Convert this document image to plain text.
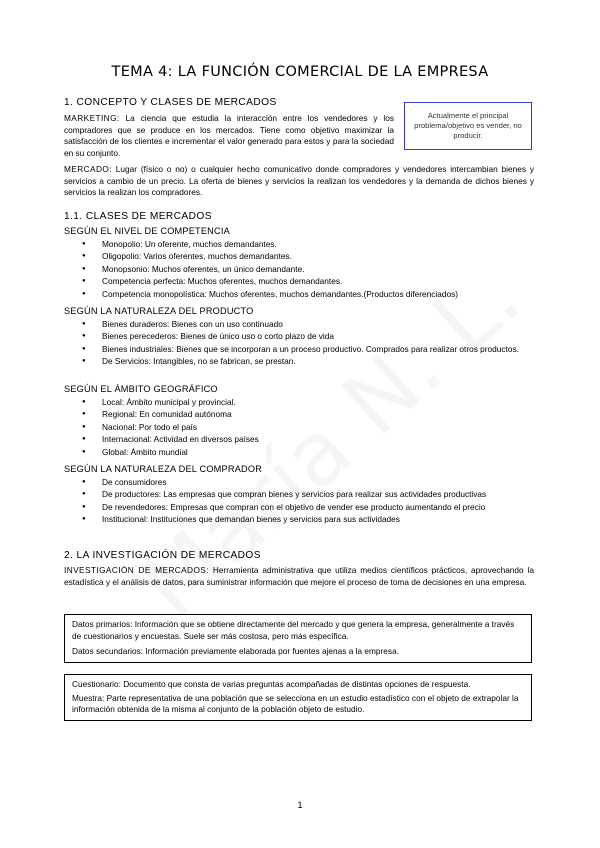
TEMA 4: LA FUNCIÓN COMERCIAL DE LA EMPRESA
1. CONCEPTO Y CLASES DE MERCADOS
MARKETING: La ciencia que estudia la interacción entre los vendedores y los compradores que se produce en los mercados. Tiene como objetivo maximizar la satisfacción de los clientes e incrementar el valor generado para estos y para la sociedad en su conjunto.
Actualmente el principal problema/objetivo es vender, no producir.
MERCADO: Lugar (físico o no) o cualquier hecho comunicativo donde compradores y vendedores intercambian bienes y servicios a cambio de un precio. La oferta de bienes y servicios la realizan los vendedores y la demanda de dichos bienes y servicios la realizan los compradores.
1.1. CLASES DE MERCADOS
SEGÚN EL NIVEL DE COMPETENCIA
● Monopolio: Un oferente, muchos demandantes.
● Oligopolio: Varios oferentes, muchos demandantes.
● Monopsonio: Muchos oferentes, un único demandante.
● Competencia perfecta: Muchos oferentes, muchos demandantes.
● Competencia monopolística: Muchos oferentes, muchos demandantes.(Productos diferenciados)
SEGÚN LA NATURALEZA DEL PRODUCTO
● Bienes duraderos: Bienes con un uso continuado
● Bienes perecederos: Bienes de único uso o corto plazo de vida
● Bienes industriales: Bienes que se incorporan a un proceso productivo. Comprados para realizar otros productos.
● De Servicios: Intangibles, no se fabrican, se prestan.
SEGÚN EL ÁMBITO GEOGRÁFICO
● Local: Ámbito municipal y provincial.
● Regional: En comunidad autónoma
● Nacional: Por todo el país
● Internacional: Actividad en diversos países
● Global: Ámbito mundial
SEGÚN LA NATURALEZA DEL COMPRADOR
● De consumidores
● De productores: Las empresas que compran bienes y servicios para realizar sus actividades productivas
● De revendedores: Empresas que compran con el objetivo de vender ese producto aumentando el precio
● Institucional: Instituciones que demandan bienes y servicios para sus actividades
2. LA INVESTIGACIÓN DE MERCADOS
INVESTIGACIÓN DE MERCADOS: Herramienta administrativa que utiliza medios científicos prácticos, aprovechando la estadística y el análisis de datos, para suministrar información que mejore el proceso de toma de decisiones en una empresa.

Datos primarios: Información que se obtiene directamente del mercado y que genera la empresa, generalmente a través de cuestionarios y encuestas. Suele ser más costosa, pero más específica.

Datos secundarios: Información previamente elaborada por fuentes ajenas a la empresa.

Cuestionario: Documento que consta de varias preguntas acompañadas de distintas opciones de respuesta.

Muestra: Parte representativa de una población que se selecciona en un estudio estadístico con el objeto de extrapolar la información obtenida de la misma al conjunto de la población objeto de estudio.

1
